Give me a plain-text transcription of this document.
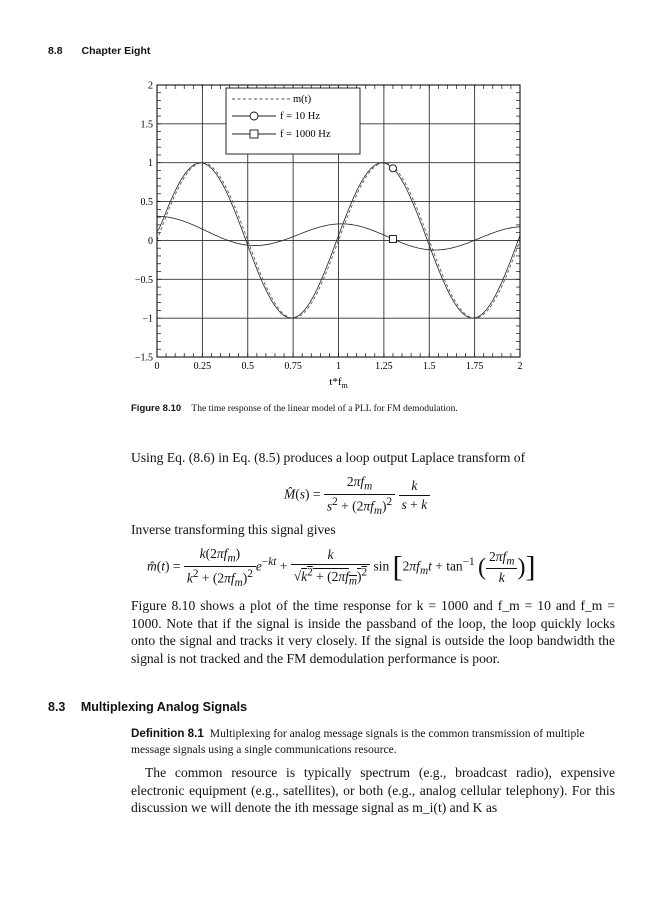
8.8 Chapter Eight
0	0.25	0.5	0.75	1	1.25	1.5	1.75	2
−1.5
−1
−0.5
0
0.5
1
1.5
2
m(t)
f = 10 Hz
f = 1000 Hz
$t*f_m$
Figure 8.10 The time response of the linear model of a PLL for FM demodulation.
Using Eq. (8.6) in Eq. (8.5) produces a loop output Laplace transform of
M̂(s) = $\frac{2\pi f_m}{s^2 + (2\pi f_m)^2}$
$\frac{k}{s + k}$
Inverse transforming this signal gives
m̂(t) = $\frac{k(2\pi f_m)}{k^2 + (2\pi f_m)^2} e^{-kt} + \frac{k}{√k^2 + (2\pi f_m)^2}$ $\sin [2\pi f_mt + \tan^{-1}$ ( $\frac{2\pi f_m}{k}$ )]
Figure 8.10 shows a plot of the time response for k = 1000 and f_m = 10 and f_m = 1000. Note that if the signal is inside the passband of the loop, the loop quickly locks onto the signal and tracks it very closely. If the signal is outside the loop bandwidth the signal is not tracked and the FM demodulation performance is poor.
8.3 Multiplexing Analog Signals
Definition 8.1 Multiplexing for analog message signals is the common transmission of multiple message signals using a single communications resource.
The common resource is typically spectrum (e.g., broadcast radio), expensive electronic equipment (e.g., satellites), or both (e.g., analog cellular telephony). For this discussion we will denote the ith message signal as m_i(t) and K as
